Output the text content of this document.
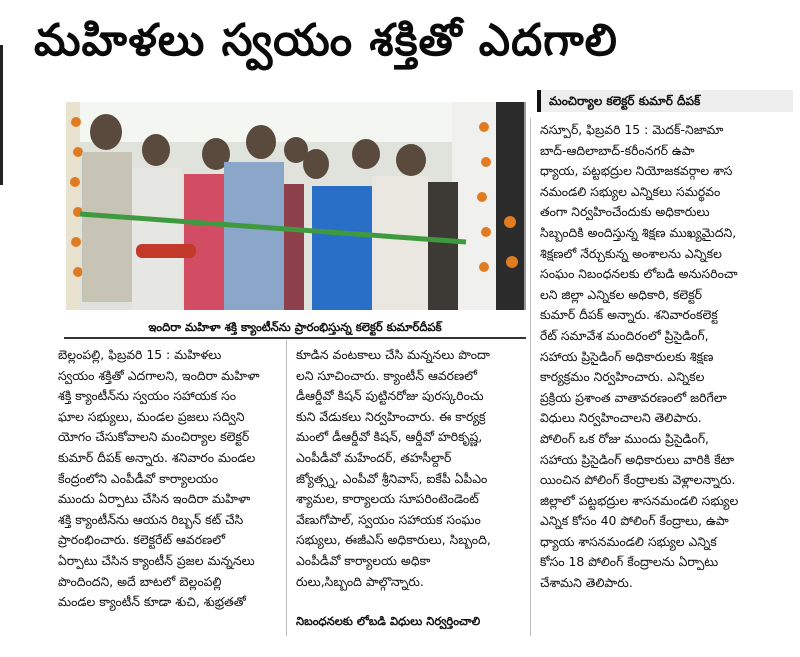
మహిళలు స్వయం శక్తితో ఎదగాలి
ఇందిరా మహిళా శక్తి క్యాంటీన్‌ను ప్రారంభిస్తున్న కలెక్టర్ కుమార్‌దీపక్
మంచిర్యాల కలెక్టర్ కుమార్ దీపక్
బెల్లంపల్లి, ఫిబ్రవరి 15 : మహిళలు
స్వయం శక్తితో ఎదగాలని, ఇందిరా మహిళా
శక్తి క్యాంటీన్‌ను స్వయం సహాయక సం
ఘాల సభ్యులు, మండల ప్రజలు సద్విని
యోగం చేసుకోవాలని మంచిర్యాల కలెక్టర్
కుమార్ దీపక్ అన్నారు. శనివారం మండల
కేంద్రంలోని ఎంపీడీవో కార్యాలయం
ముందు ఏర్పాటు చేసిన ఇందిరా మహిళా
శక్తి క్యాంటీన్‌ను ఆయన రిబ్బన్ కట్ చేసి
ప్రారంభించారు. కలెక్టరేట్ ఆవరణలో
ఏర్పాటు చేసిన క్యాంటీన్ ప్రజల మన్ననలు
పొందిందని, అదే బాటలో బెల్లంపల్లి
మండల క్యాంటీన్ కూడా శుచి, శుభ్రతతో
కూడిన వంటకాలు చేసి మన్ననలు పొందా
లని సూచించారు. క్యాంటీన్ ఆవరణలో
డీఆర్డీవో కిషన్ పుట్టినరోజు పురస్కరించు
కుని వేడుకలు నిర్వహించారు. ఈ కార్యక్ర
మంలో డీఆర్డీవో కిషన్, ఆర్డీవో హరికృష్ణ,
ఎంపీడీవో మహేందర్, తహసీల్దార్
జ్యోత్స్న, ఎంపీవో శ్రీనివాస్, ఐకేపీ ఏపీఎం
శ్యామల, కార్యాలయ సూపరింటెండెంట్
వేణుగోపాల్, స్వయం సహాయక సంఘం
సభ్యులు, ఈజీఎస్ అధికారులు, సిబ్బంది,
ఎంపీడీవో కార్యాలయ అధికా
రులు,సిబ్బంది పాల్గొన్నారు.
నస్పూర్, ఫిబ్రవరి 15 : మెదక్-నిజామా
బాద్-ఆదిలాబాద్-కరీంనగర్ ఉపా
ధ్యాయ, పట్టభద్రుల నియోజకవర్గాల శాస
నమండలి సభ్యుల ఎన్నికలు సమర్థవం
తంగా నిర్వహించేందుకు అధికారులు
సిబ్బందికి అందిస్తున్న శిక్షణ ముఖ్యమైదని,
శిక్షణలో నేర్చుకున్న అంశాలను ఎన్నికల
సంఘం నిబంధనలకు లోబడి అనుసరించా
లని జిల్లా ఎన్నికల అధికారి, కలెక్టర్
కుమార్ దీపక్ అన్నారు. శనివారంకలెక్ట
రేట్ సమావేశ మందిరంలో ప్రిసైడింగ్,
సహాయ ప్రిసైడింగ్ అధికారులకు శిక్షణ
కార్యక్రమం నిర్వహించారు. ఎన్నికల
ప్రక్రియ ప్రశాంత వాతావరణంలో జరిగేలా
విధులు నిర్వహించాలని తెలిపారు.
పోలింగ్ ఒక రోజు ముందు ప్రిసైడింగ్,
సహాయ ప్రిసైడింగ్ అధికారులు వారికి కేటా
యించిన పోలింగ్ కేంద్రాలకు వెళ్లాలన్నారు.
జిల్లాలో పట్టభద్రుల శాసనమండలి సభ్యుల
ఎన్నిక కోసం 40 పోలింగ్ కేంద్రాలు, ఉపా
ధ్యాయ శాసనమండలి సభ్యుల ఎన్నిక
కోసం 18 పోలింగ్ కేంద్రాలను ఏర్పాటు
చేశామని తెలిపారు.
నిబంధనలకు లోబడి విధులు నిర్వర్తించాలి
